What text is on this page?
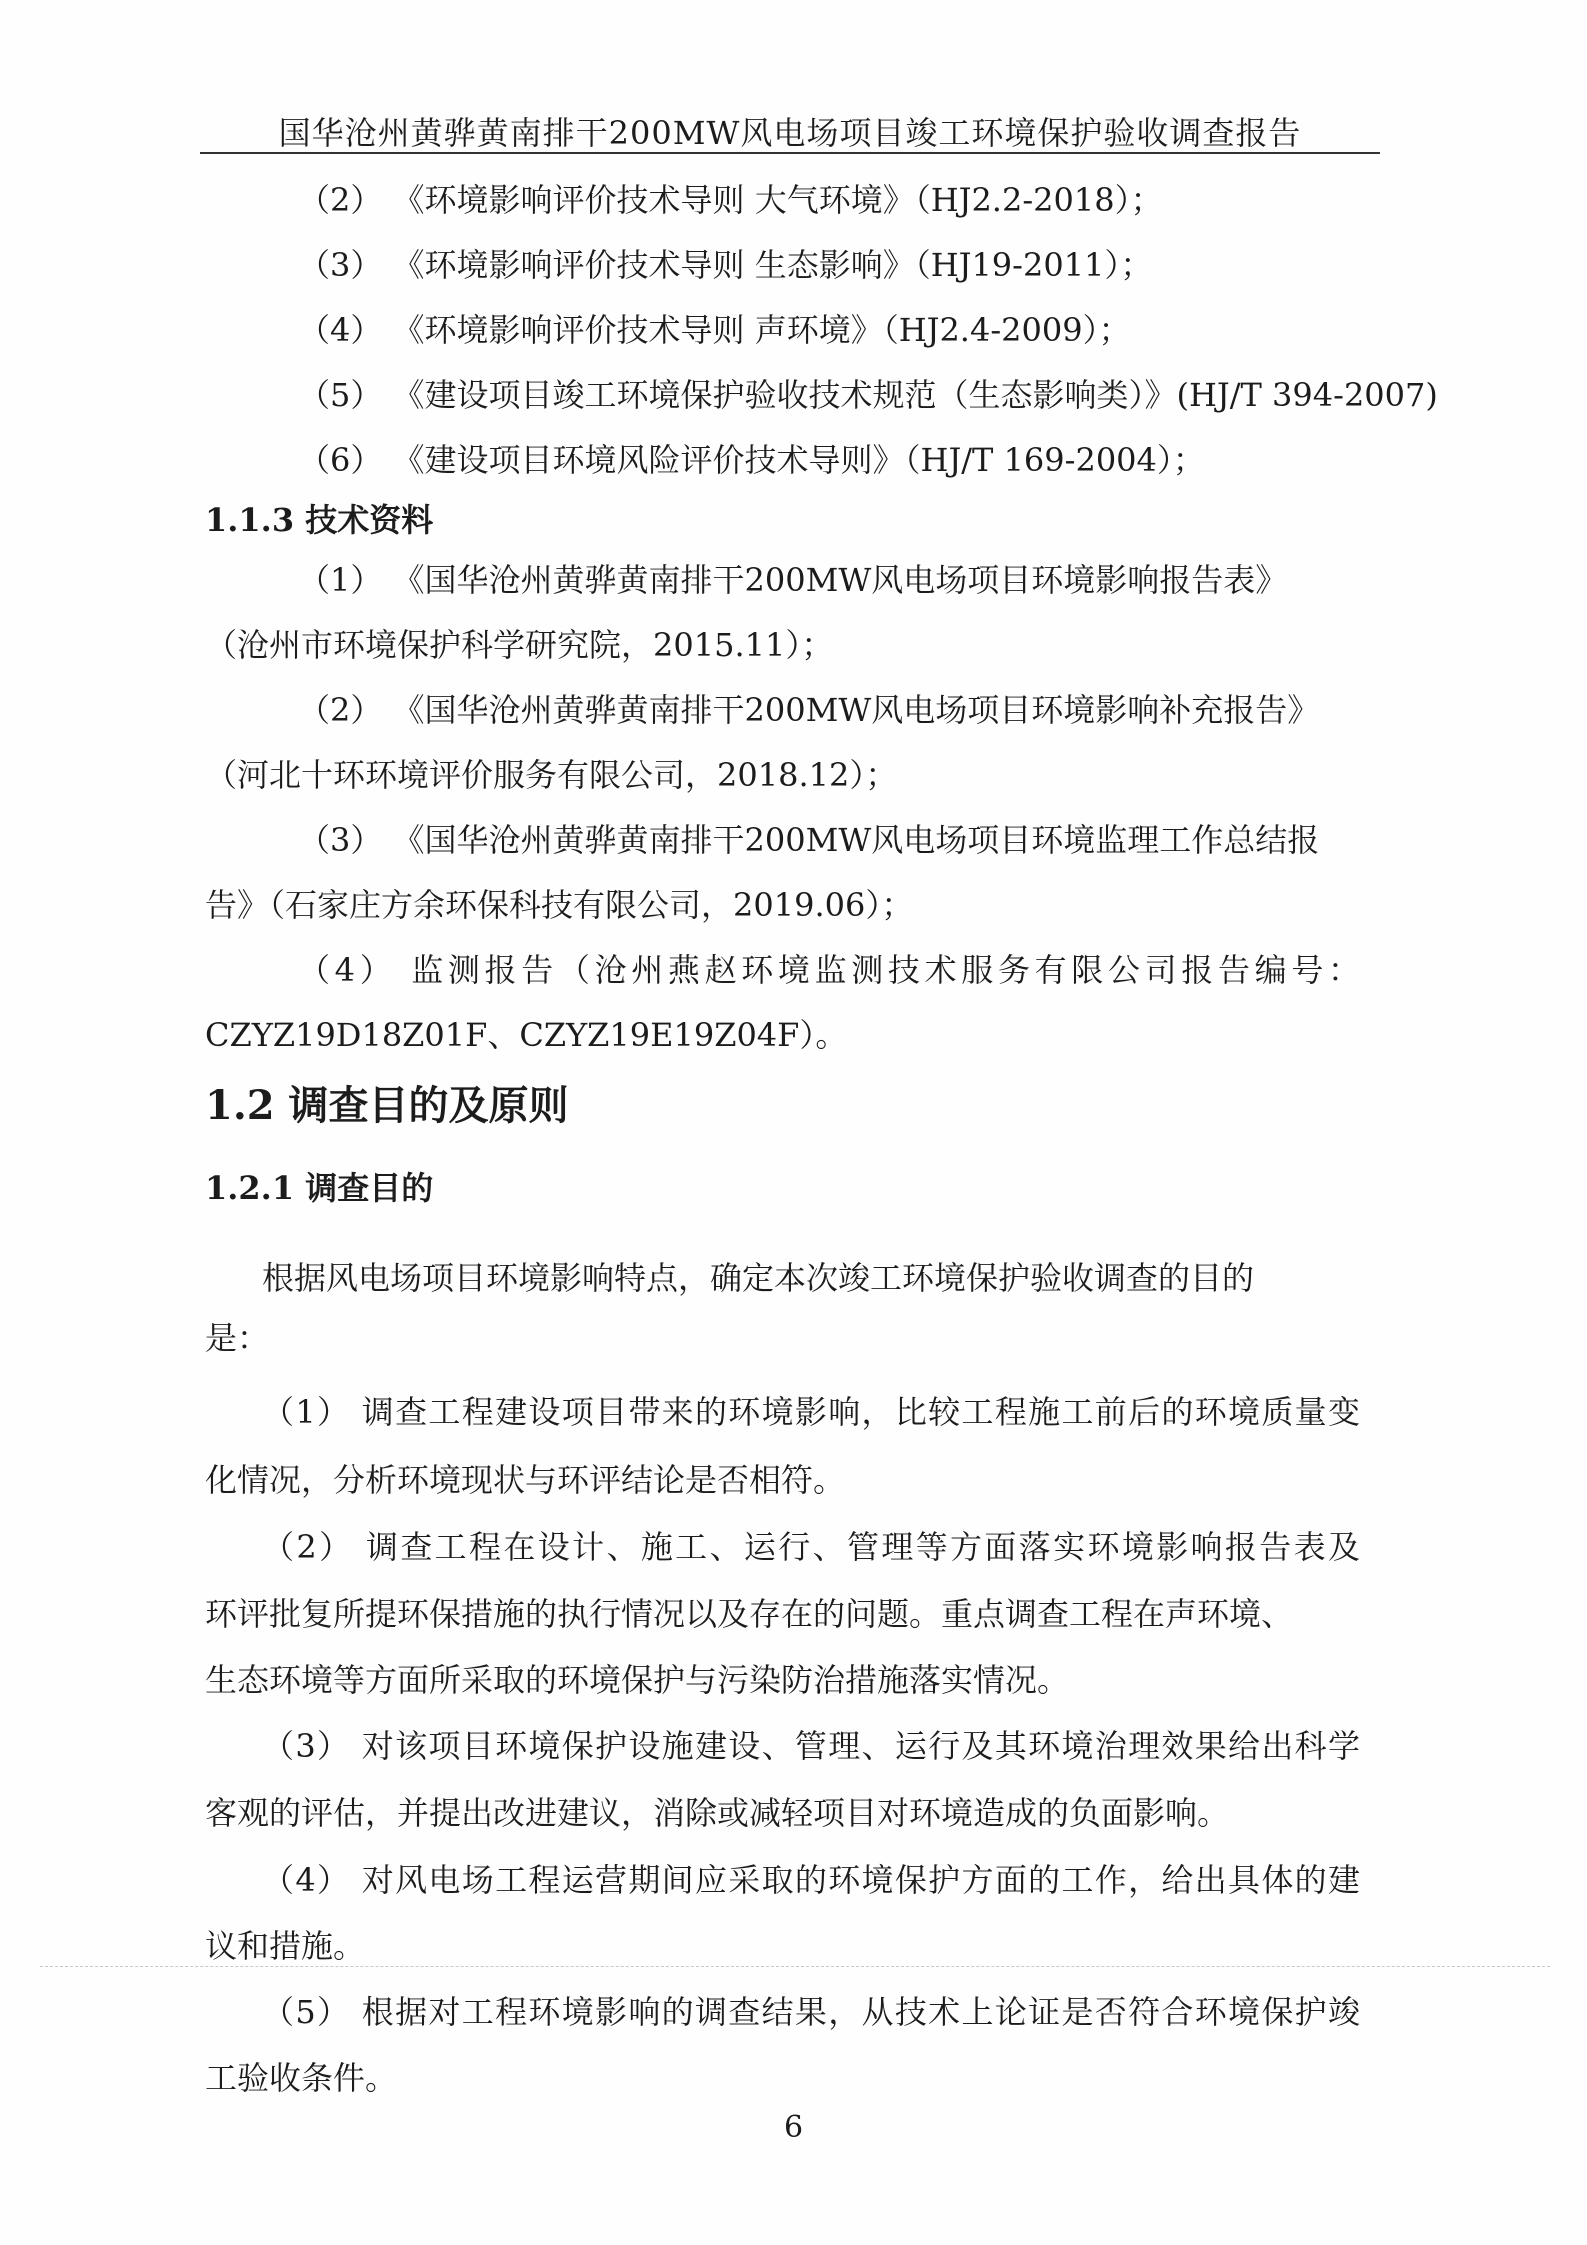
国华沧州黄骅黄南排干200MW风电场项目竣工环境保护验收调查报告
（2） 《环境影响评价技术导则 大气环境》（HJ2.2-2018）；
（3） 《环境影响评价技术导则 生态影响》（HJ19-2011）；
（4） 《环境影响评价技术导则 声环境》（HJ2.4-2009）；
（5） 《建设项目竣工环境保护验收技术规范（生态影响类）》(HJ/T 394-2007)
（6） 《建设项目环境风险评价技术导则》（HJ/T 169-2004）；
1.1.3 技术资料
（1） 《国华沧州黄骅黄南排干200MW风电场项目环境影响报告表》
（沧州市环境保护科学研究院，2015.11）；
（2） 《国华沧州黄骅黄南排干200MW风电场项目环境影响补充报告》
（河北十环环境评价服务有限公司，2018.12）；
（3） 《国华沧州黄骅黄南排干200MW风电场项目环境监理工作总结报
告》（石家庄方余环保科技有限公司，2019.06）；
（4） 监测报告（沧州燕赵环境监测技术服务有限公司报告编号：
CZYZ19D18Z01F、CZYZ19E19Z04F）。
1.2 调查目的及原则
1.2.1 调查目的
根据风电场项目环境影响特点，确定本次竣工环境保护验收调查的目的
是：
（1） 调查工程建设项目带来的环境影响，比较工程施工前后的环境质量变
化情况，分析环境现状与环评结论是否相符。
（2） 调查工程在设计、施工、运行、管理等方面落实环境影响报告表及
环评批复所提环保措施的执行情况以及存在的问题。重点调查工程在声环境、
生态环境等方面所采取的环境保护与污染防治措施落实情况。
（3） 对该项目环境保护设施建设、管理、运行及其环境治理效果给出科学
客观的评估，并提出改进建议，消除或减轻项目对环境造成的负面影响。
（4） 对风电场工程运营期间应采取的环境保护方面的工作，给出具体的建
议和措施。
（5） 根据对工程环境影响的调查结果，从技术上论证是否符合环境保护竣
工验收条件。
6
